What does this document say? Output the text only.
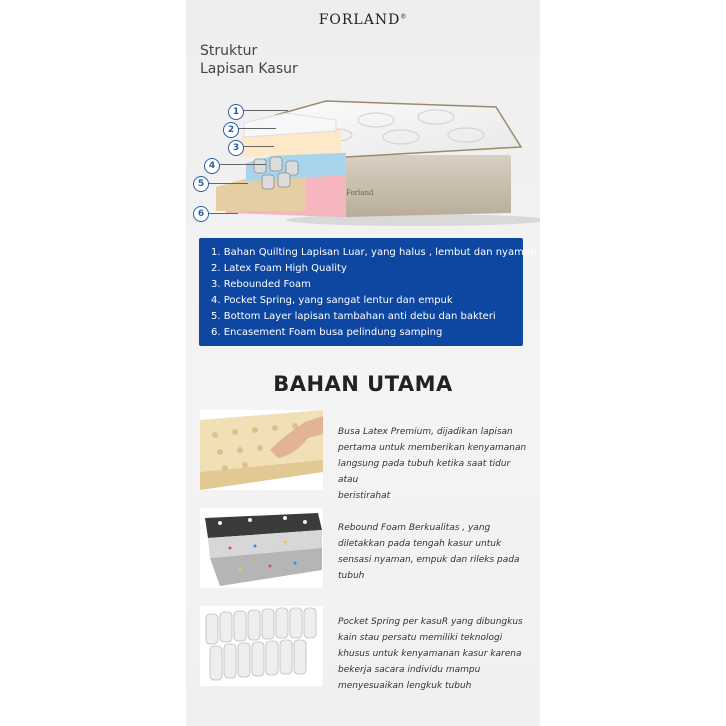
FORLAND®
Struktur
Lapisan Kasur
Forland
1
2
3
4
5
6
1. Bahan Quilting Lapisan Luar, yang halus , lembut dan nyaman
2. Latex Foam High Quality
3. Rebounded Foam
4. Pocket Spring, yang sangat lentur dan empuk
5. Bottom Layer lapisan tambahan anti debu dan bakteri
6. Encasement Foam busa pelindung samping
BAHAN UTAMA
Busa Latex Premium, dijadikan lapisan
pertama untuk memberikan kenyamanan
langsung pada tubuh ketika saat tidur atau
beristirahat
Rebound Foam Berkualitas , yang
diletakkan pada tengah kasur untuk
sensasi nyaman, empuk dan rileks pada
tubuh
Pocket Spring per kasuR yang dibungkus
kain stau persatu memiliki teknologi
khusus untuk kenyamanan kasur karena
bekerja sacara individu mampu
menyesuaikan lengkuk tubuh
